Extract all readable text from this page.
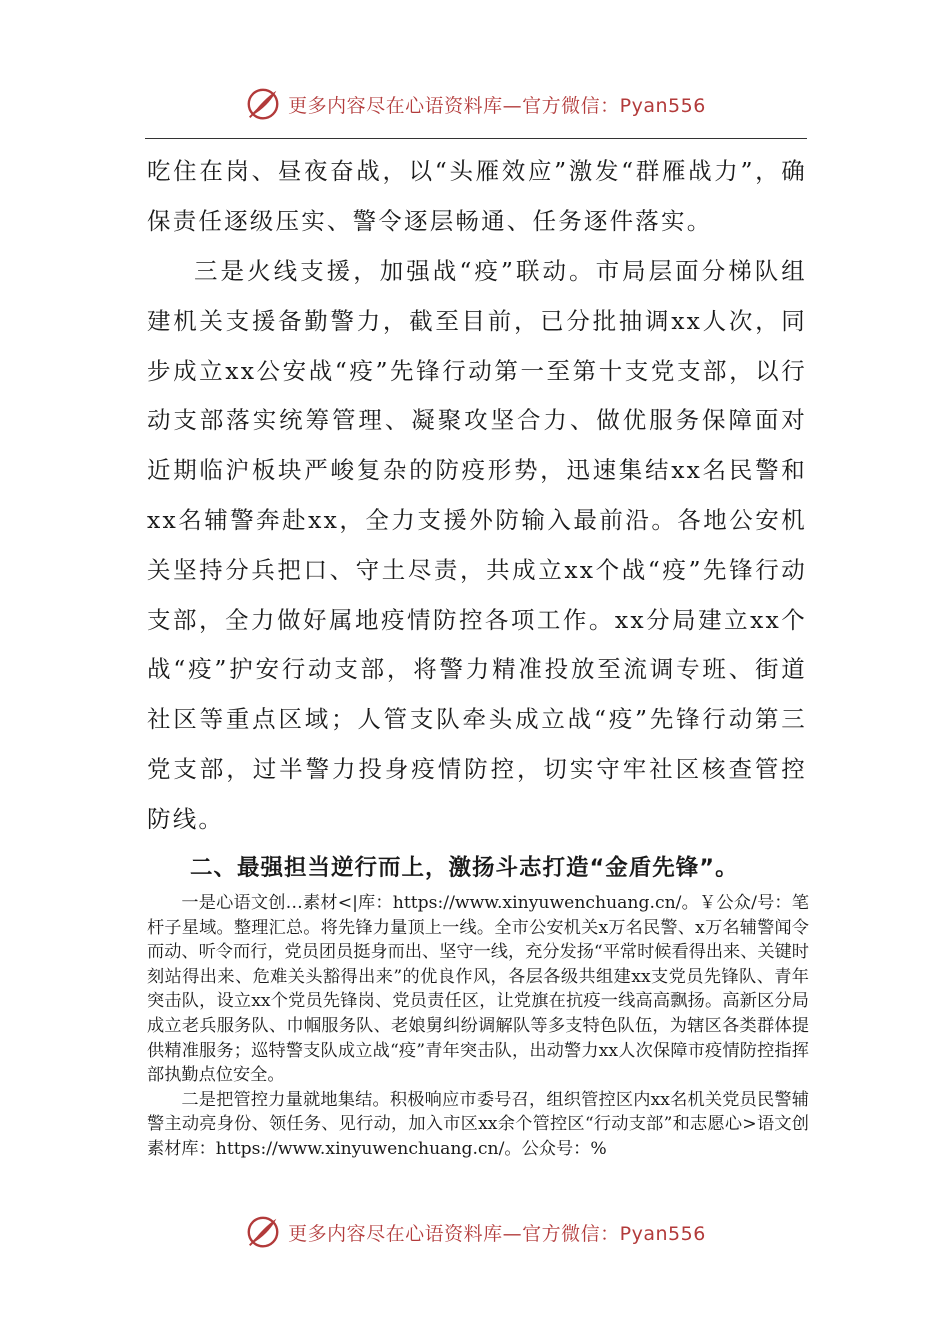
更多内容尽在心语资料库—官方微信：Pyan556

吃住在岗、昼夜奋战，以“头雁效应”激发“群雁战力”，确保责任逐级压实、警令逐层畅通、任务逐件落实。

三是火线支援，加强战“疫”联动。市局层面分梯队组建机关支援备勤警力，截至目前，已分批抽调xx人次，同步成立xx公安战“疫”先锋行动第一至第十支党支部，以行动支部落实统筹管理、凝聚攻坚合力、做优服务保障面对近期临沪板块严峻复杂的防疫形势，迅速集结xx名民警和xx名辅警奔赴xx，全力支援外防输入最前沿。各地公安机关坚持分兵把口、守土尽责，共成立xx个战“疫”先锋行动支部，全力做好属地疫情防控各项工作。xx分局建立xx个战“疫”护安行动支部，将警力精准投放至流调专班、街道社区等重点区域；人管支队牵头成立战“疫”先锋行动第三党支部，过半警力投身疫情防控，切实守牢社区核查管控防线。

二、最强担当逆行而上，激扬斗志打造“金盾先锋”。

一是心语文创…素材<|库：https://www.xinyuwenchuang.cn/。￥公众/号：笔杆子星域。整理汇总。将先锋力量顶上一线。全市公安机关x万名民警、x万名辅警闻令而动、听令而行，党员团员挺身而出、坚守一线，充分发扬“平常时候看得出来、关键时刻站得出来、危难关头豁得出来”的优良作风，各层各级共组建xx支党员先锋队、青年突击队，设立xx个党员先锋岗、党员责任区，让党旗在抗疫一线高高飘扬。高新区分局成立老兵服务队、巾帼服务队、老娘舅纠纷调解队等多支特色队伍，为辖区各类群体提供精准服务；巡特警支队成立战“疫”青年突击队，出动警力xx人次保障市疫情防控指挥部执勤点位安全。

二是把管控力量就地集结。积极响应市委号召，组织管控区内xx名机关党员民警辅警主动亮身份、领任务、见行动，加入市区xx余个管控区“行动支部”和志愿心>语文创素材库：https://www.xinyuwenchuang.cn/。公众号：%

更多内容尽在心语资料库—官方微信：Pyan556
